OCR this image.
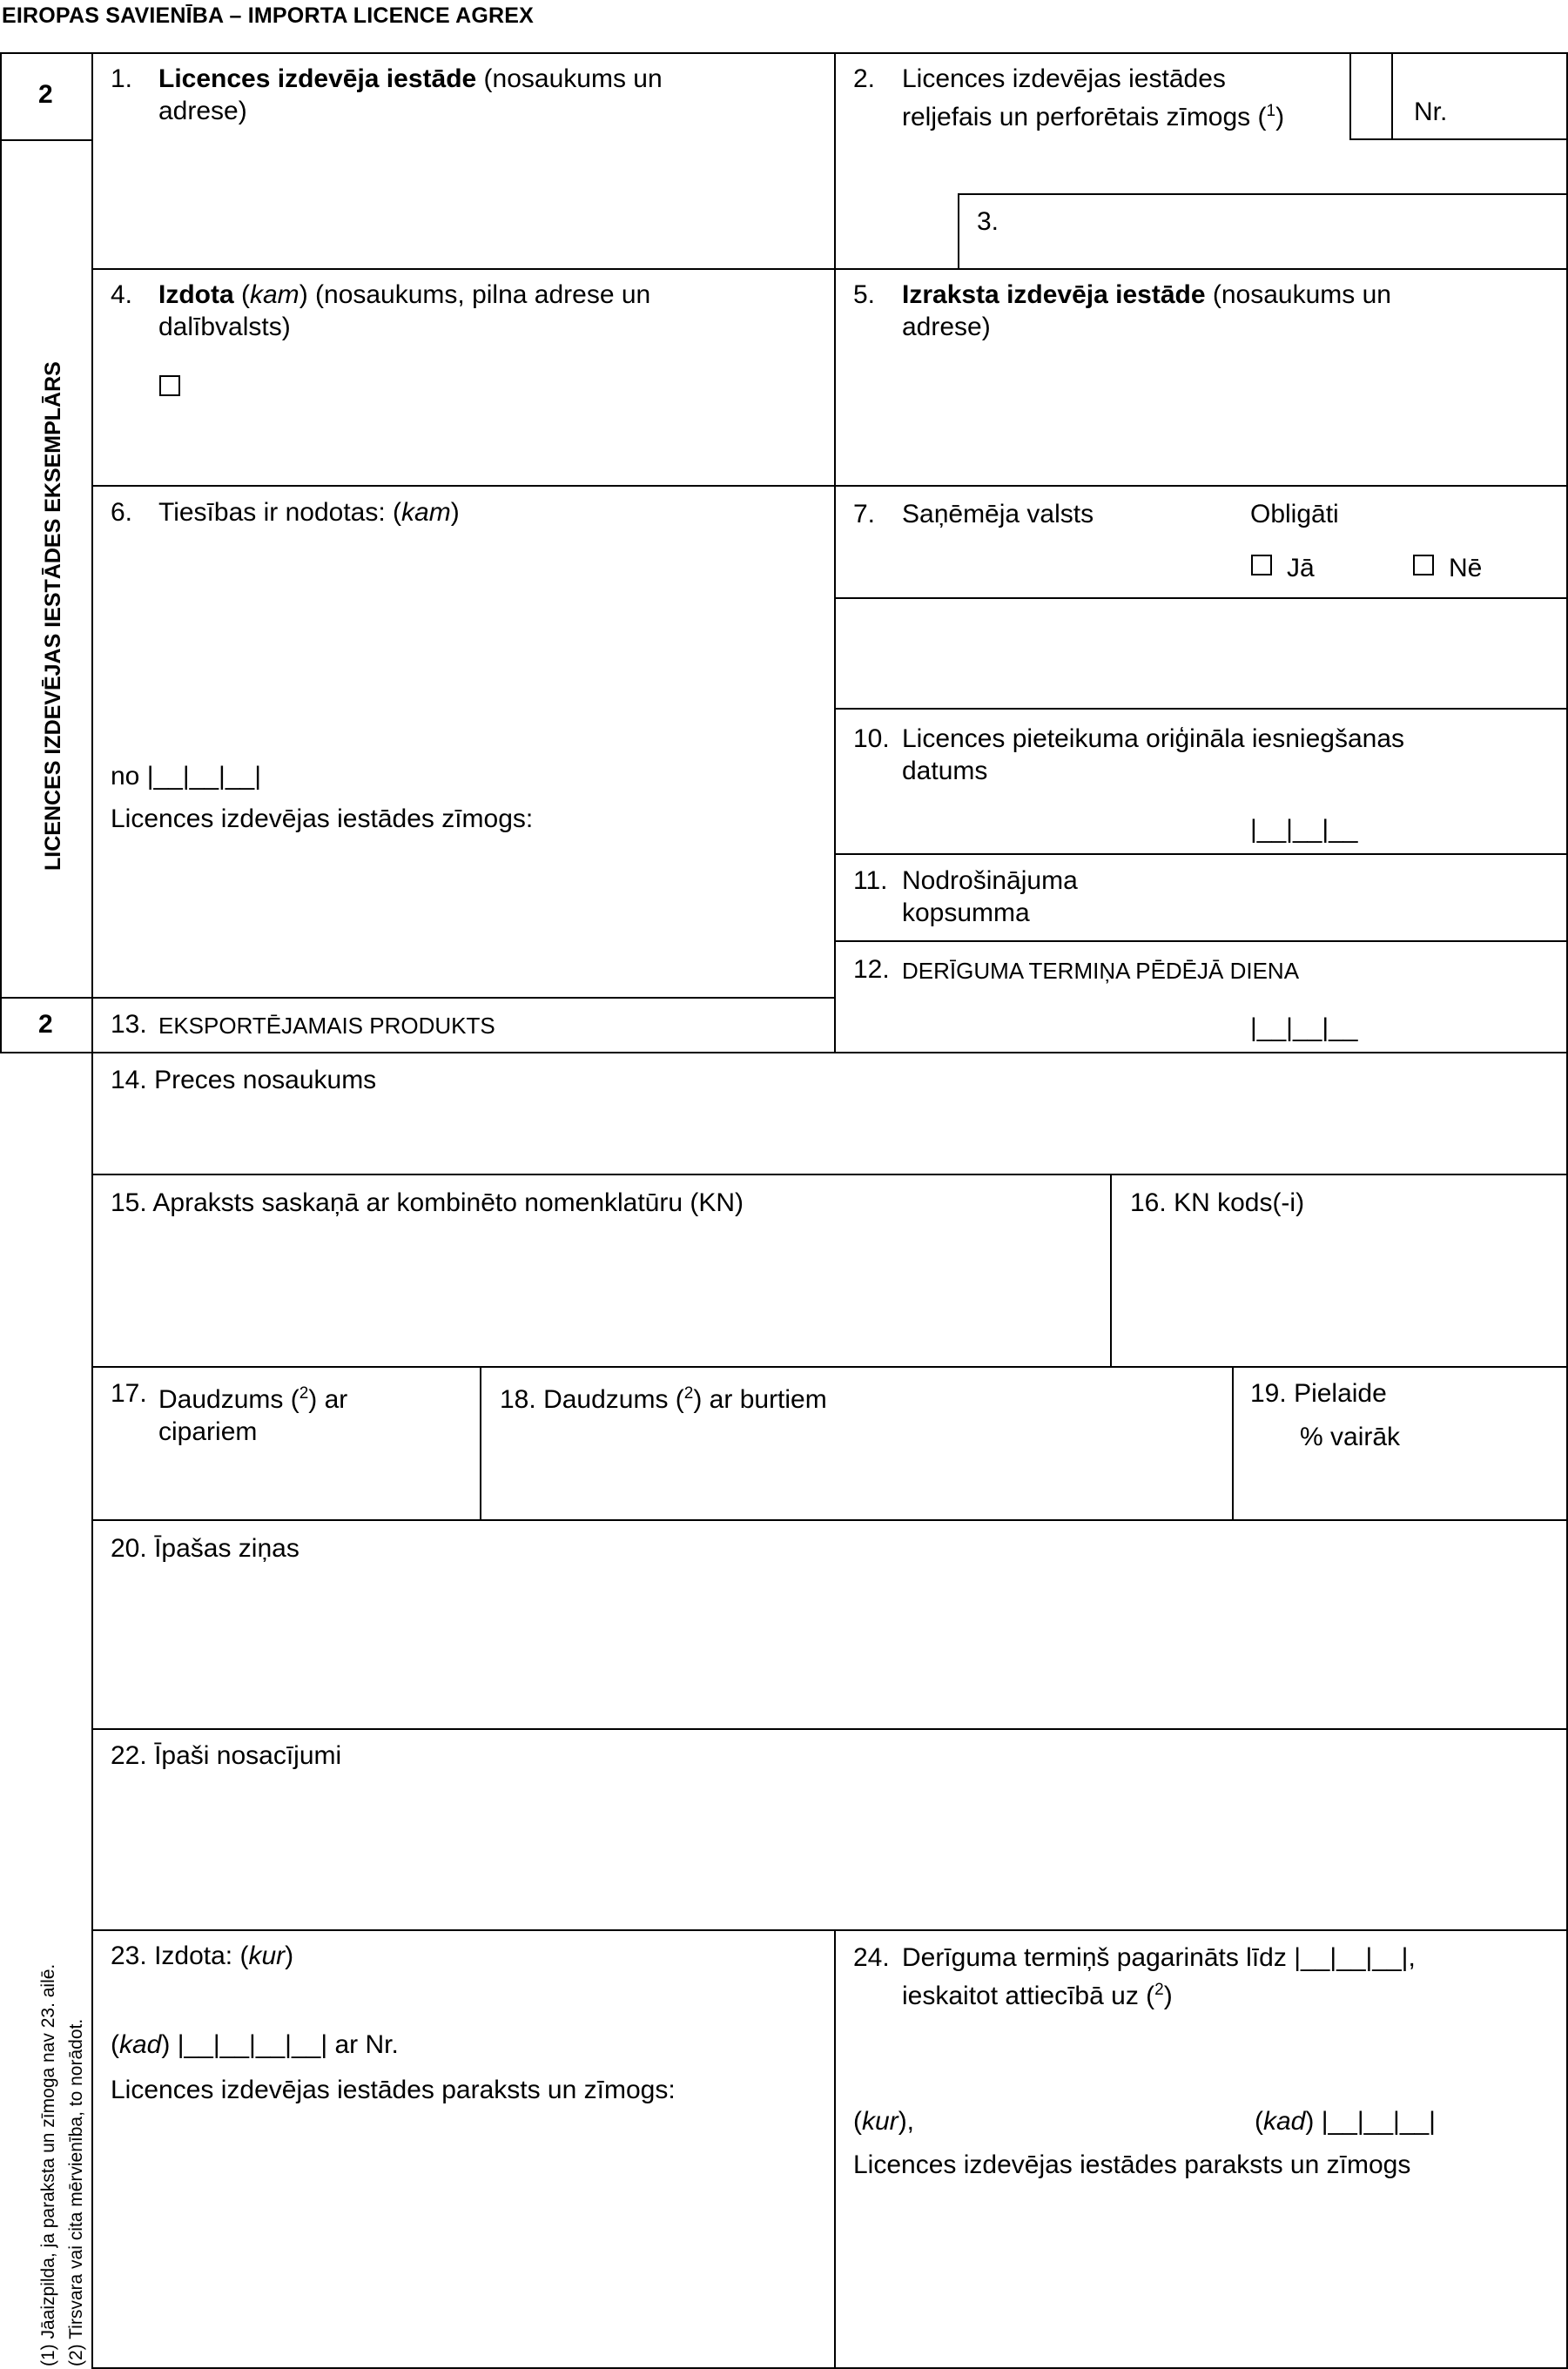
EIROPAS SAVIENĪBA – IMPORTA LICENCE AGREX
2
2
LICENCES IZDEVĒJAS IESTĀDES EKSEMPLĀRS
(1) Jāaizpilda, ja paraksta un zīmoga nav 23. ailē. (2) Tirsvara vai cita mērvienība, to norādot.
1. Licences izdevēja iestāde (nosaukums un
adrese)
2. Licences izdevējas iestādes
reljefais un perforētais zīmogs ($^1$)	Nr.
3.
4. Izdota (kam) (nosaukums, pilna adrese un
dalībvalsts)
5. Izraksta izdevēja iestāde (nosaukums un
adrese)
6. Tiesības ir nodotas: (kam)
no |__|__|__|
Licences izdevējas iestādes zīmogs:
7. Saņēmēja valsts	Obligāti
Jā	Nē
10. Licences pieteikuma oriģināla iesniegšanas
datums
|__|__|__
11. Nodrošinājuma
kopsumma
12. DERĪGUMA TERMIŅA PĒDĒJĀ DIENA
|__|__|__
13. EKSPORTĒJAMAIS PRODUKTS
14. Preces nosaukums
15. Apraksts saskaņā ar kombinēto nomenklatūru (KN)	16. KN kods(-i)
17. Daudzums ($^2$) ar
cipariem
18. Daudzums ($^2$) ar burtiem	19. Pielaide
% vairāk
20. Īpašas ziņas
22. Īpaši nosacījumi
23. Izdota: (kur)
(kad) |__|__|__|__| ar Nr.
Licences izdevējas iestādes paraksts un zīmogs:
24. Derīguma termiņš pagarināts līdz |__|__|__|,
ieskaitot attiecībā uz ($^2$)
(kur),	(kad) |__|__|__|
Licences izdevējas iestādes paraksts un zīmogs
